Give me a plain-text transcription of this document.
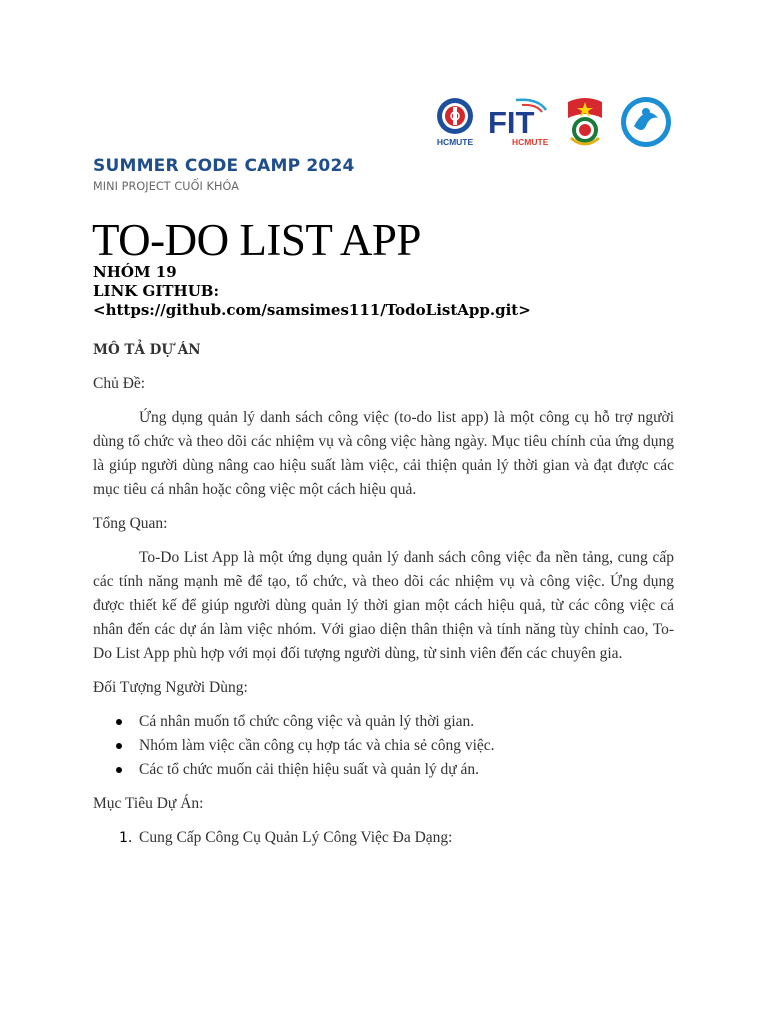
HCMUTE
FIT
HCMUTE
SUMMER CODE CAMP 2024
MINI PROJECT CUỐI KHÓA
TO-DO LIST APP
NHÓM 19
LINK GITHUB:
<https://github.com/samsimes111/TodoListApp.git>
MÔ TẢ DỰ ÁN
Chủ Đề:
Ứng dụng quản lý danh sách công việc (to-do list app) là một công cụ hỗ trợ người dùng tổ chức và theo dõi các nhiệm vụ và công việc hàng ngày. Mục tiêu chính của ứng dụng là giúp người dùng nâng cao hiệu suất làm việc, cải thiện quản lý thời gian và đạt được các mục tiêu cá nhân hoặc công việc một cách hiệu quả.
Tổng Quan:
To-Do List App là một ứng dụng quản lý danh sách công việc đa nền tảng, cung cấp các tính năng mạnh mẽ để tạo, tổ chức, và theo dõi các nhiệm vụ và công việc. Ứng dụng được thiết kế để giúp người dùng quản lý thời gian một cách hiệu quả, từ các công việc cá nhân đến các dự án làm việc nhóm. Với giao diện thân thiện và tính năng tùy chỉnh cao, To-Do List App phù hợp với mọi đối tượng người dùng, từ sinh viên đến các chuyên gia.
Đối Tượng Người Dùng:
Cá nhân muốn tổ chức công việc và quản lý thời gian.
Nhóm làm việc cần công cụ hợp tác và chia sẻ công việc.
Các tổ chức muốn cải thiện hiệu suất và quản lý dự án.
Mục Tiêu Dự Án:
1. Cung Cấp Công Cụ Quản Lý Công Việc Đa Dạng:
